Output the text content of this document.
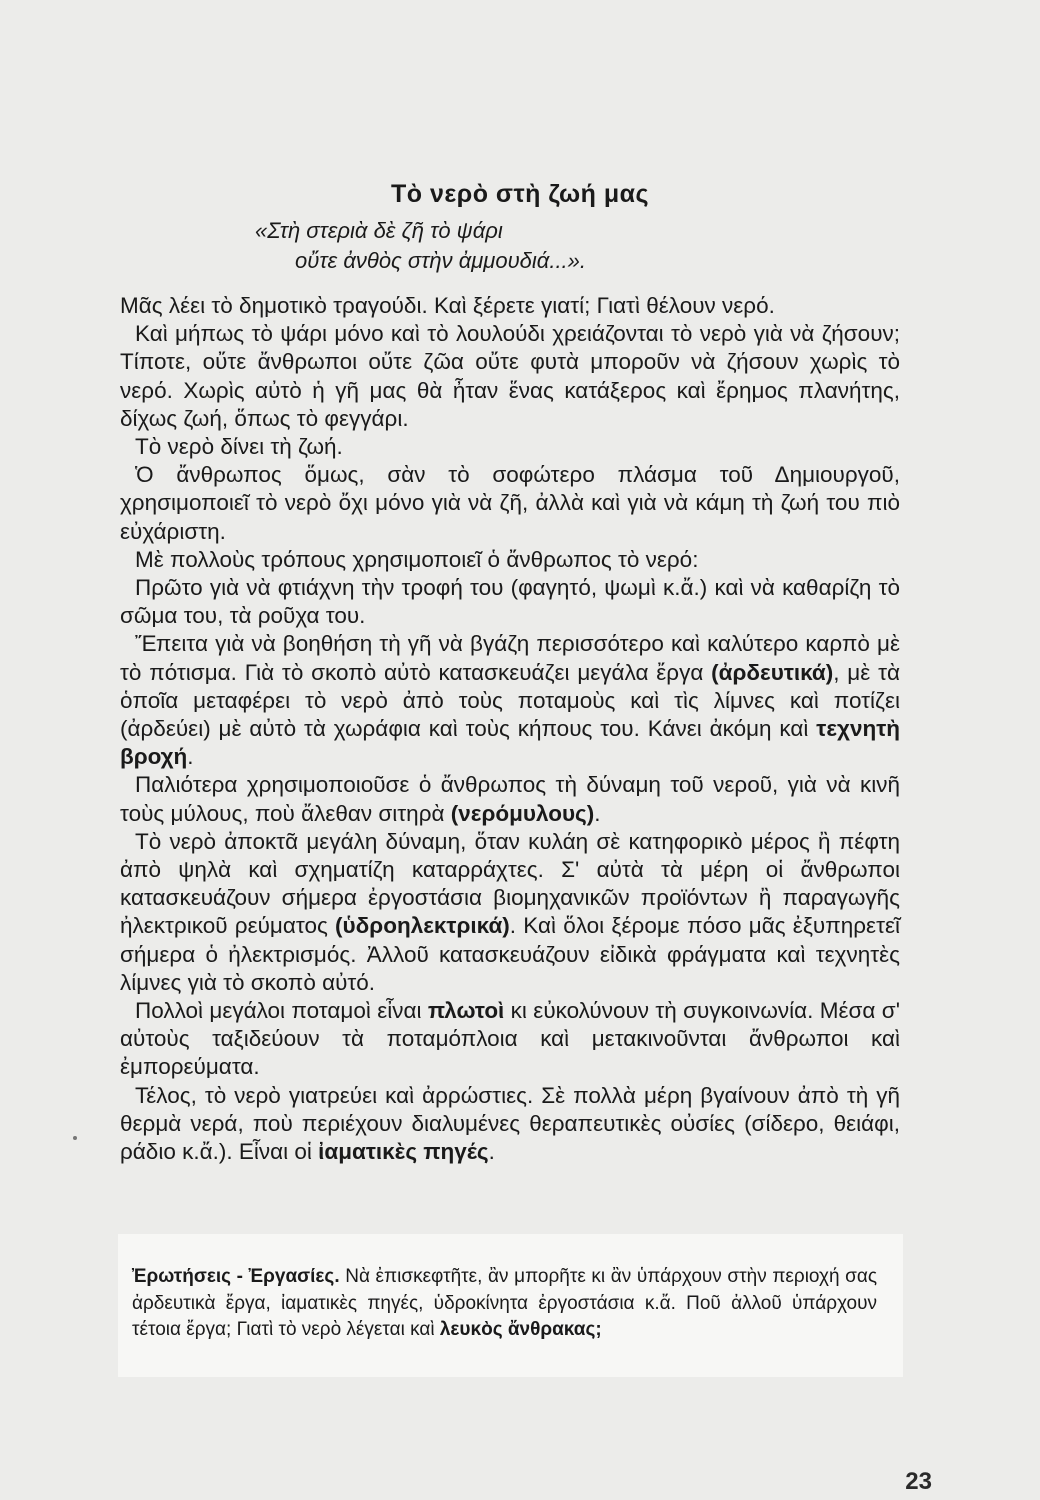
Τὸ νερὸ στὴ ζωή μας
«Στὴ στεριὰ δὲ ζῆ τὸ ψάρι
οὔτε ἀνθὸς στὴν ἀμμουδιά...».

Μᾶς λέει τὸ δημοτικὸ τραγούδι. Καὶ ξέρετε γιατί; Γιατὶ θέλουν νερό.

Καὶ μήπως τὸ ψάρι μόνο καὶ τὸ λουλούδι χρειάζονται τὸ νερὸ γιὰ νὰ ζήσουν; Τίποτε, οὔτε ἄνθρωποι οὔτε ζῶα οὔτε φυτὰ μποροῦν νὰ ζήσουν χωρὶς τὸ νερό. Χωρὶς αὐτὸ ἡ γῆ μας θὰ ἦταν ἕνας κατάξερος καὶ ἔρημος πλανήτης, δίχως ζωή, ὅπως τὸ φεγγάρι.

Τὸ νερὸ δίνει τὴ ζωή.

Ὁ ἄνθρωπος ὅμως, σὰν τὸ σοφώτερο πλάσμα τοῦ Δημιουργοῦ, χρησιμοποιεῖ τὸ νερὸ ὄχι μόνο γιὰ νὰ ζῆ, ἀλλὰ καὶ γιὰ νὰ κάμη τὴ ζωή του πιὸ εὐχάριστη.

Μὲ πολλοὺς τρόπους χρησιμοποιεῖ ὁ ἄνθρωπος τὸ νερό:

Πρῶτο γιὰ νὰ φτιάχνη τὴν τροφή του (φαγητό, ψωμὶ κ.ἄ.) καὶ νὰ καθαρίζη τὸ σῶμα του, τὰ ροῦχα του.

Ἔπειτα γιὰ νὰ βοηθήση τὴ γῆ νὰ βγάζη περισσότερο καὶ καλύτερο καρπὸ μὲ τὸ πότισμα. Γιὰ τὸ σκοπὸ αὐτὸ κατασκευάζει μεγάλα ἔργα (ἀρδευτικά), μὲ τὰ ὁποῖα μεταφέρει τὸ νερὸ ἀπὸ τοὺς ποταμοὺς καὶ τὶς λίμνες καὶ ποτίζει (ἀρδεύει) μὲ αὐτὸ τὰ χωράφια καὶ τοὺς κήπους του. Κάνει ἀκόμη καὶ τεχνητὴ βροχή.

Παλιότερα χρησιμοποιοῦσε ὁ ἄνθρωπος τὴ δύναμη τοῦ νεροῦ, γιὰ νὰ κινῆ τοὺς μύλους, ποὺ ἄλεθαν σιτηρὰ (νερόμυλους).

Τὸ νερὸ ἀποκτᾶ μεγάλη δύναμη, ὅταν κυλάη σὲ κατηφορικὸ μέρος ἢ πέφτη ἀπὸ ψηλὰ καὶ σχηματίζη καταρράχτες. Σ' αὐτὰ τὰ μέρη οἱ ἄνθρωποι κατασκευάζουν σήμερα ἐργοστάσια βιομηχανικῶν προϊόντων ἢ παραγωγῆς ἠλεκτρικοῦ ρεύματος (ὑδροηλεκτρικά). Καὶ ὅλοι ξέρομε πόσο μᾶς ἐξυπηρετεῖ σήμερα ὁ ἠλεκτρισμός. Ἀλλοῦ κατασκευάζουν εἰδικὰ φράγματα καὶ τεχνητὲς λίμνες γιὰ τὸ σκοπὸ αὐτό.

Πολλοὶ μεγάλοι ποταμοὶ εἶναι πλωτοὶ κι εὐκολύνουν τὴ συγκοινωνία. Μέσα σ' αὐτοὺς ταξιδεύουν τὰ ποταμόπλοια καὶ μετακινοῦνται ἄνθρωποι καὶ ἐμπορεύματα.

Τέλος, τὸ νερὸ γιατρεύει καὶ ἀρρώστιες. Σὲ πολλὰ μέρη βγαίνουν ἀπὸ τὴ γῆ θερμὰ νερά, ποὺ περιέχουν διαλυμένες θεραπευτικὲς οὐσίες (σίδερο, θειάφι, ράδιο κ.ἄ.). Εἶναι οἱ ἰαματικὲς πηγές.

Ἐρωτήσεις - Ἐργασίες. Νὰ ἐπισκεφτῆτε, ἂν μπορῆτε κι ἂν ὑπάρχουν στὴν περιοχή σας ἀρδευτικὰ ἔργα, ἰαματικὲς πηγές, ὑδροκίνητα ἐργοστάσια κ.ἄ. Ποῦ ἀλλοῦ ὑπάρχουν τέτοια ἔργα; Γιατὶ τὸ νερὸ λέγεται καὶ λευκὸς ἄνθρακας;
23
